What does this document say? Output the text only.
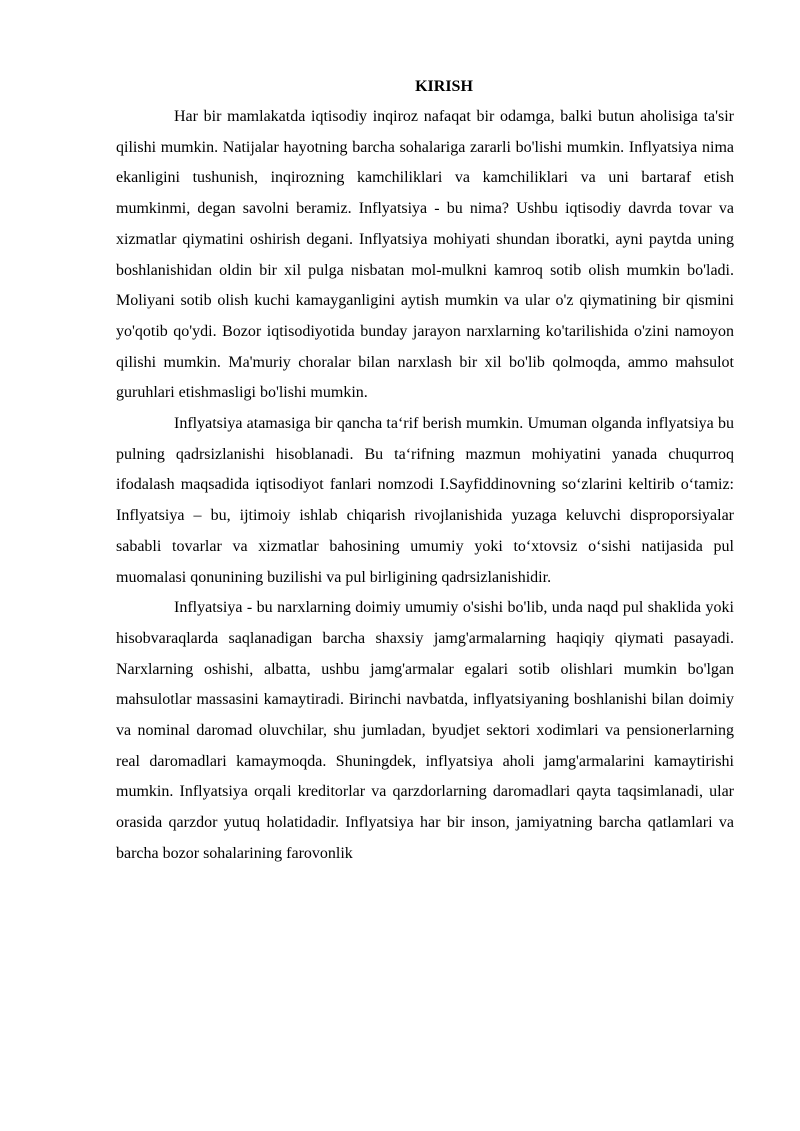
KIRISH

Har bir mamlakatda iqtisodiy inqiroz nafaqat bir odamga, balki butun aholisiga ta'sir qilishi mumkin. Natijalar hayotning barcha sohalariga zararli bo'lishi mumkin. Inflyatsiya nima ekanligini tushunish, inqirozning kamchiliklari va kamchiliklari va uni bartaraf etish mumkinmi, degan savolni beramiz. Inflyatsiya - bu nima? Ushbu iqtisodiy davrda tovar va xizmatlar qiymatini oshirish degani. Inflyatsiya mohiyati shundan iboratki, ayni paytda uning boshlanishidan oldin bir xil pulga nisbatan mol-mulkni kamroq sotib olish mumkin bo'ladi. Moliyani sotib olish kuchi kamayganligini aytish mumkin va ular o'z qiymatining bir qismini yo'qotib qo'ydi. Bozor iqtisodiyotida bunday jarayon narxlarning ko'tarilishida o'zini namoyon qilishi mumkin. Ma'muriy choralar bilan narxlash bir xil bo'lib qolmoqda, ammo mahsulot guruhlari etishmasligi bo'lishi mumkin.

Inflyatsiya atamasiga bir qancha ta‘rif berish mumkin. Umuman olganda inflyatsiya bu pulning qadrsizlanishi hisoblanadi. Bu ta‘rifning mazmun mohiyatini yanada chuqurroq ifodalash maqsadida iqtisodiyot fanlari nomzodi I.Sayfiddinovning so‘zlarini keltirib o‘tamiz:      Inflyatsiya – bu, ijtimoiy ishlab chiqarish rivojlanishida yuzaga keluvchi disproporsiyalar sababli tovarlar va xizmatlar bahosining umumiy yoki to‘xtovsiz o‘sishi natijasida pul muomalasi qonunining buzilishi va pul birligining qadrsizlanishidir.

Inflyatsiya - bu narxlarning doimiy umumiy o'sishi bo'lib, unda naqd pul shaklida yoki hisobvaraqlarda saqlanadigan barcha shaxsiy jamg'armalarning haqiqiy qiymati pasayadi. Narxlarning oshishi, albatta, ushbu jamg'armalar egalari sotib olishlari mumkin bo'lgan mahsulotlar massasini kamaytiradi. Birinchi navbatda, inflyatsiyaning boshlanishi bilan doimiy va nominal daromad oluvchilar, shu jumladan, byudjet sektori xodimlari va pensionerlarning real daromadlari kamaymoqda. Shuningdek, inflyatsiya aholi jamg'armalarini kamaytirishi mumkin. Inflyatsiya orqali kreditorlar va qarzdorlarning daromadlari qayta taqsimlanadi, ular orasida qarzdor yutuq holatidadir. Inflyatsiya har bir inson, jamiyatning barcha qatlamlari va barcha bozor sohalarining farovonlik
